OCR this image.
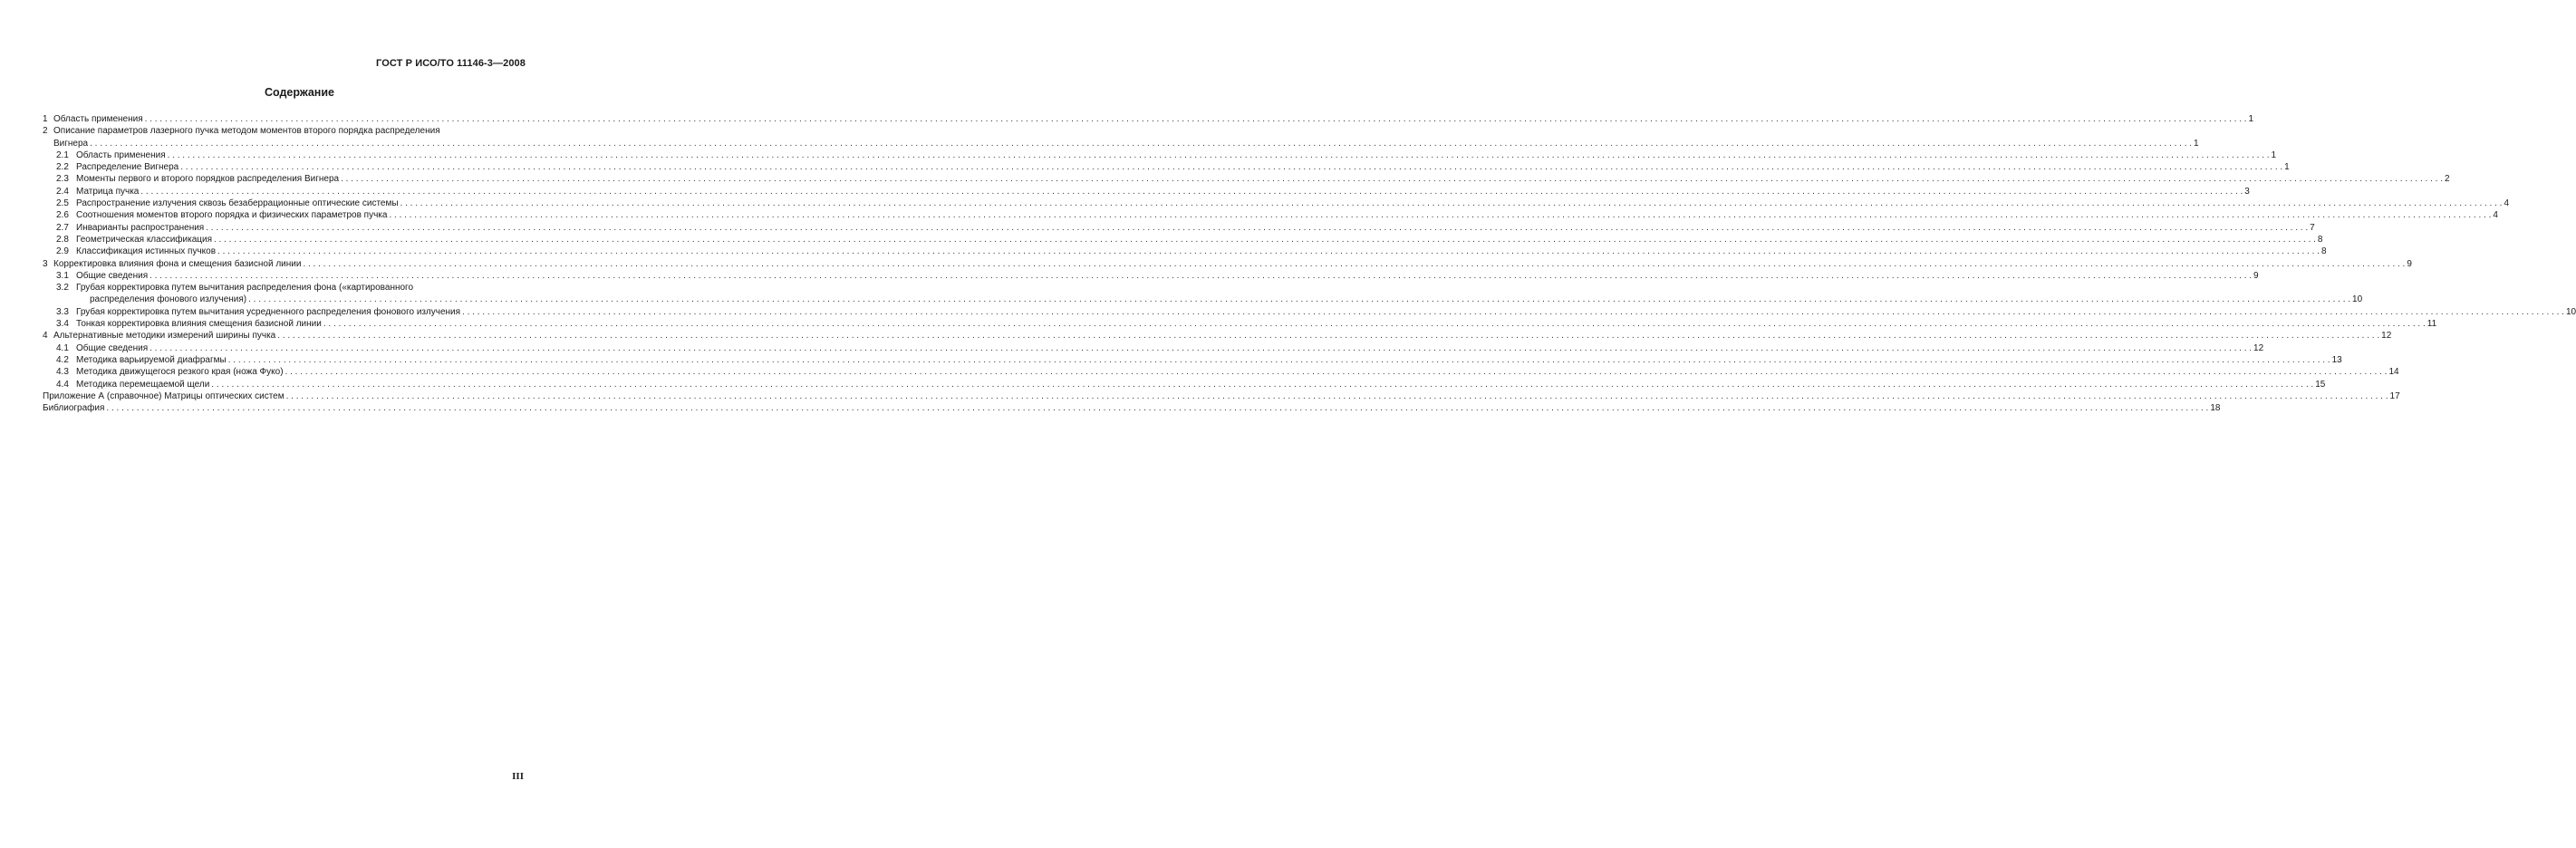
ГОСТ Р ИСО/ТО 11146-3—2008
Содержание
1 Область применения . . .	1
2 Описание параметров лазерного пучка методом моментов второго порядка распределения
Вигнера . . .	1
2.1 Область применения . . .	1
2.2 Распределение Вигнера . . .	1
2.3 Моменты первого и второго порядков распределения Вигнера . . .	2
2.4 Матрица пучка . . .	3
2.5 Распространение излучения сквозь безаберрационные оптические системы . . .	4
2.6 Соотношения моментов второго порядка и физических параметров пучка . . .	4
2.7 Инварианты распространения . . .	7
2.8 Геометрическая классификация . . .	8
2.9 Классификация истинных пучков . . .	8
3 Корректировка влияния фона и смещения базисной линии . . .	9
3.1 Общие сведения . . .	9
3.2 Грубая корректировка путем вычитания распределения фона («картированного
распределения фонового излучения) . . .	10
3.3 Грубая корректировка путем вычитания усредненного распределения фонового излучения . . .	10
3.4 Тонкая корректировка влияния смещения базисной линии . . .	11
4 Альтернативные методики измерений ширины пучка . . .	12
4.1 Общие сведения . . .	12
4.2 Методика варьируемой диафрагмы . . .	13
4.3 Методика движущегося резкого края (ножа Фуко) . . .	14
4.4 Методика перемещаемой щели . . .	15
Приложение А (справочное) Матрицы оптических систем . . .	17
Библиография . . .	18
III
